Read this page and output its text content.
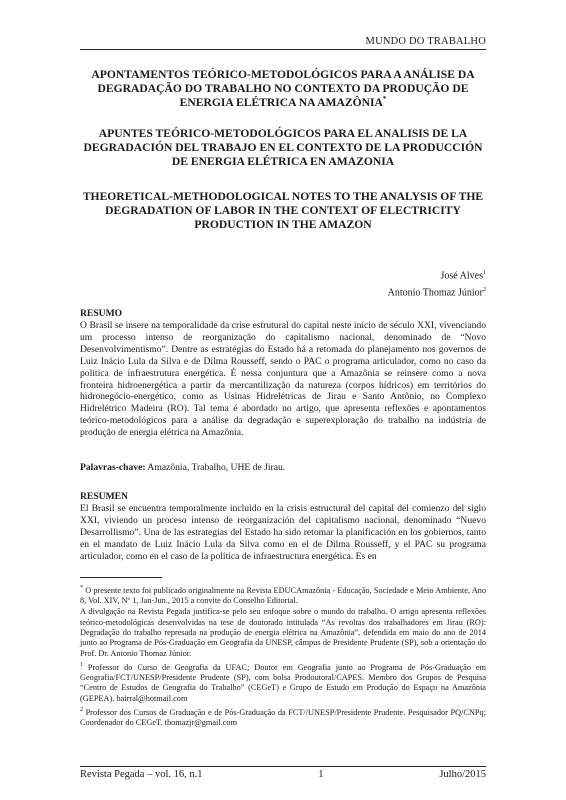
MUNDO DO TRABALHO
APONTAMENTOS TEÓRICO-METODOLÓGICOS PARA A ANÁLISE DA DEGRADAÇÃO DO TRABALHO NO CONTEXTO DA PRODUÇÃO DE ENERGIA ELÉTRICA NA AMAZÔNIA*
APUNTES TEÓRICO-METODOLÓGICOS PARA EL ANALISIS DE LA DEGRADACIÓN DEL TRABAJO EN EL CONTEXTO DE LA PRODUCCIÓN DE ENERGIA ELÉTRICA EN AMAZONIA
THEORETICAL-METHODOLOGICAL NOTES TO THE ANALYSIS OF THE DEGRADATION OF LABOR IN THE CONTEXT OF ELECTRICITY PRODUCTION IN THE AMAZON
José Alves$^1$
Antonio Thomaz Júnior$^2$
RESUMO

O Brasil se insere na temporalidade da crise estrutural do capital neste início de século XXI, vivenciando um processo intenso de reorganização do capitalismo nacional, denominado de “Novo Desenvolvimentismo”. Dentre as estratégias do Estado há a retomada do planejamento nos governos de Luiz Inácio Lula da Silva e de Dilma Rousseff, sendo o PAC o programa articulador, como no caso da política de infraestrutura energética. É nessa conjuntura que a Amazônia se reinsere como a nova fronteira hidroenergética a partir da mercantilização da natureza (corpos hídricos) em territórios do hidronegócio-energético, como as Usinas Hidrelétricas de Jirau e Santo Antônio, no Complexo Hidrelétrico Madeira (RO). Tal tema é abordado no artigo, que apresenta reflexões e apontamentos teórico-metodológicos para a análise da degradação e superexploração do trabalho na indústria de produção de energia elétrica na Amazônia.

Palavras-chave: Amazônia, Trabalho, UHE de Jirau.
RESUMEN

El Brasil se encuentra temporalmente incluido en la crisis estructural del capital del comienzo del siglo XXI, viviendo un proceso intenso de reorganización del capitalismo nacional, denominado “Nuevo Desarrollismo”. Una de las estrategias del Estado ha sido retomar la planificación en los gobiernos, tanto en el mandato de Luiz Inácio Lula da Silva como en el de Dilma Rousseff, y el PAC su programa articulador, como en el caso de la política de infraestructura energética. Es en

* O presente texto foi publicado originalmente na Revista EDUCAmazônia - Educação, Sociedade e Meio Ambiente, Ano 8, Vol. XIV, Nº 1, Jan-Jun., 2015 a convite do Conselho Editorial.

A divulgação na Revista Pegada justifica-se pelo seu enfoque sobre o mundo do trabalho. O artigo apresenta reflexões teórico-metodológicas desenvolvidas na tese de doutorado intitulada “As revoltas dos trabalhadores em Jirau (RO): Degradação do trabalho represada na produção de energia elétrica na Amazônia”, defendida em maio do ano de 2014 junto ao Programa de Pós-Graduação em Geografia da UNESP, câmpus de Presidente Prudente (SP), sob a orientação do Prof. Dr. Antonio Thomaz Júnior.

$^1$ Professor do Curso de Geografia da UFAC; Doutor em Geografia junto ao Programa de Pós-Graduação em Geografia/FCT/UNESP/Presidente Prudente (SP), com bolsa Prodoutoral/CAPES. Membro dos Grupos de Pesquisa “Centro de Estudos de Geografia do Trabalho” (CEGeT) e Grupo de Estudo em Produção do Espaço na Amazônia (GEPEA). bairral@hotmail.com

$^2$ Professor dos Cursos de Graduação e de Pós-Graduação da FCT//UNESP/Presidente Prudente. Pesquisador PQ/CNPq; Coordenador do CEGeT. thomazjr@gmail.com

Revista Pegada – vol. 16, n.1	1	Julho/2015
